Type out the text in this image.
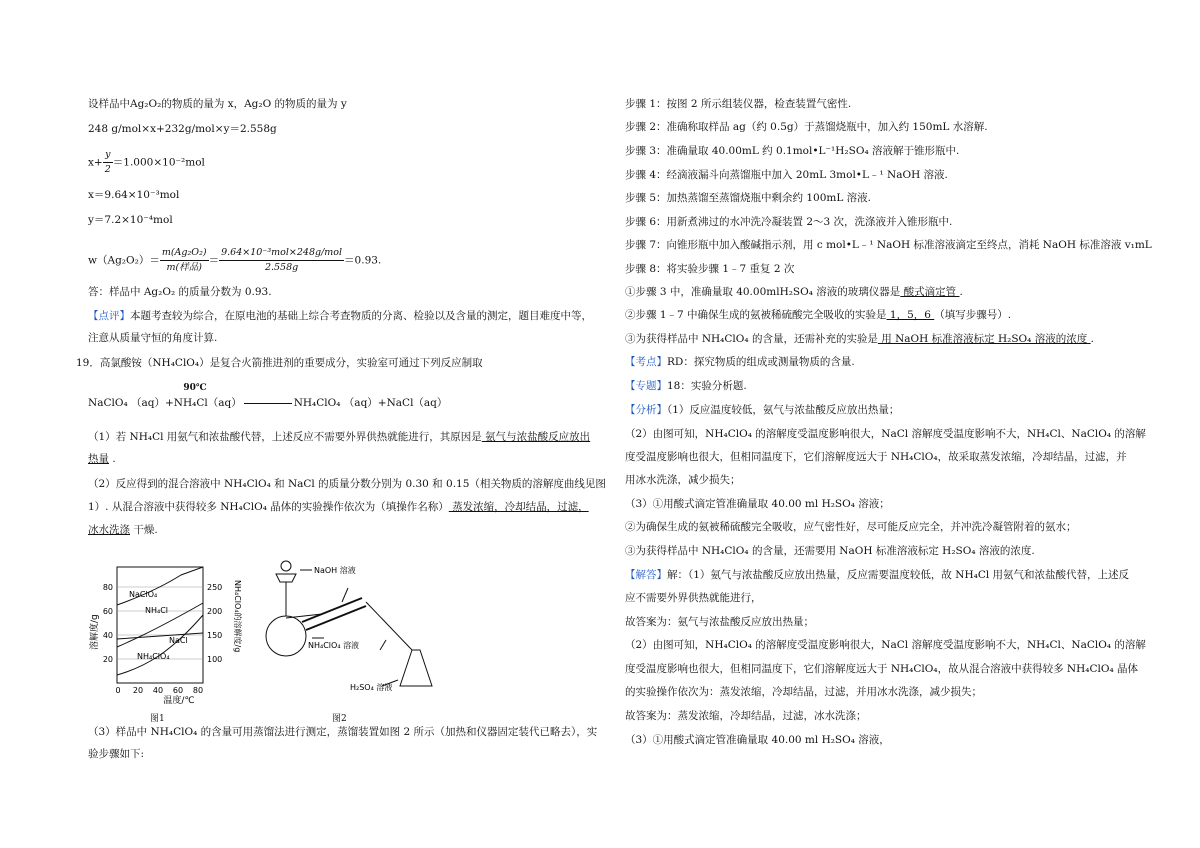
设样品中Ag₂O₂的物质的量为 x，Ag₂O 的物质的量为 y
248 g/mol×x+232g/mol×y＝2.558g
$x+ \frac{y}{2} =1.000\times 10^{-2}mol$
x＝9.64×10⁻³mol
y＝7.2×10⁻⁴mol
$w(Ag_2O_2)= \frac{\text{m(Ag₂O₂)}}{\text{m(样品)}} = \frac{\text{9.64×10⁻³mol×248g/mol}}{2.558g} =0.93$.
答：样品中 Ag₂O₂ 的质量分数为 0.93.
【点评】本题考查较为综合，在原电池的基础上综合考查物质的分离、检验以及含量的测定，题目难度中等，
注意从质量守恒的角度计算.
19．高氯酸铵（NH₄ClO₄）是复合火箭推进剂的重要成分，实验室可通过下列反应制取
90℃
NaClO₄ （aq）+NH₄Cl（aq）	NH₄ClO₄ （aq）+NaCl（aq）
（1）若 NH₄Cl 用氨气和浓盐酸代替，上述反应不需要外界供热就能进行，其原因是 氨气与浓盐酸反应放出
热量 .
（2）反应得到的混合溶液中 NH₄ClO₄ 和 NaCl 的质量分数分别为 0.30 和 0.15（相关物质的溶解度曲线见图
1）. 从混合溶液中获得较多 NH₄ClO₄ 晶体的实验操作依次为（填操作名称） 蒸发浓缩，冷却结晶，过滤，
冰水洗涤 干燥.
80
60
40
20
250
200
150
100
0 20 40 60 80
温度/℃
溶解度/g	NH₄ClO₄的溶解度/g
NaClO₄
NH₄Cl
NaCl
NH₄ClO₄
图1
NaOH 溶液
NH₄ClO₄ 溶液
H₂SO₄ 溶液
图2
（3）样品中 NH₄ClO₄ 的含量可用蒸馏法进行测定，蒸馏装置如图 2 所示（加热和仪器固定装代已略去），实
验步骤如下:
步骤 1：按图 2 所示组装仪器，检查装置气密性.
步骤 2：准确称取样品 ag（约 0.5g）于蒸馏烧瓶中，加入约 150mL 水溶解.
步骤 3：准确量取 40.00mL 约 0.1mol•L⁻¹H₂SO₄ 溶液解于锥形瓶中.
步骤 4：经滴液漏斗向蒸馏瓶中加入 20mL 3mol•L﹣¹ NaOH 溶液.
步骤 5：加热蒸馏至蒸馏烧瓶中剩余约 100mL 溶液.
步骤 6：用新煮沸过的水冲洗冷凝装置 2～3 次，洗涤液并入锥形瓶中.
步骤 7：向锥形瓶中加入酸碱指示剂，用 c mol•L﹣¹ NaOH 标准溶液滴定至终点，消耗 NaOH 标准溶液 v₁mL
步骤 8：将实验步骤 1﹣7 重复 2 次
①步骤 3 中，准确量取 40.00mlH₂SO₄ 溶液的玻璃仪器是 酸式滴定管 .
②步骤 1﹣7 中确保生成的氨被稀硫酸完全吸收的实验是 1，5，6 （填写步骤号）.
③为获得样品中 NH₄ClO₄ 的含量，还需补充的实验是 用 NaOH 标准溶液标定 H₂SO₄ 溶液的浓度 .
【考点】RD：探究物质的组成或测量物质的含量.
【专题】18：实验分析题.
【分析】（1）反应温度较低，氨气与浓盐酸反应放出热量；
（2）由图可知，NH₄ClO₄ 的溶解度受温度影响很大，NaCl 溶解度受温度影响不大，NH₄Cl、NaClO₄ 的溶解
度受温度影响也很大，但相同温度下，它们溶解度远大于 NH₄ClO₄，故采取蒸发浓缩，冷却结晶，过滤，并
用冰水洗涤，减少损失；
（3）①用酸式滴定管准确量取 40.00 ml H₂SO₄ 溶液；
②为确保生成的氨被稀硫酸完全吸收，应气密性好，尽可能反应完全，并冲洗冷凝管附着的氨水；
③为获得样品中 NH₄ClO₄ 的含量，还需要用 NaOH 标准溶液标定 H₂SO₄ 溶液的浓度.
【解答】解：（1）氨气与浓盐酸反应放出热量，反应需要温度较低，故 NH₄Cl 用氨气和浓盐酸代替，上述反
应不需要外界供热就能进行，
故答案为：氨气与浓盐酸反应放出热量；
（2）由图可知，NH₄ClO₄ 的溶解度受温度影响很大，NaCl 溶解度受温度影响不大，NH₄Cl、NaClO₄ 的溶解
度受温度影响也很大，但相同温度下，它们溶解度远大于 NH₄ClO₄，故从混合溶液中获得较多 NH₄ClO₄ 晶体
的实验操作依次为：蒸发浓缩，冷却结晶，过滤，并用冰水洗涤，减少损失；
故答案为：蒸发浓缩，冷却结晶，过滤，冰水洗涤；
（3）①用酸式滴定管准确量取 40.00 ml H₂SO₄ 溶液，
